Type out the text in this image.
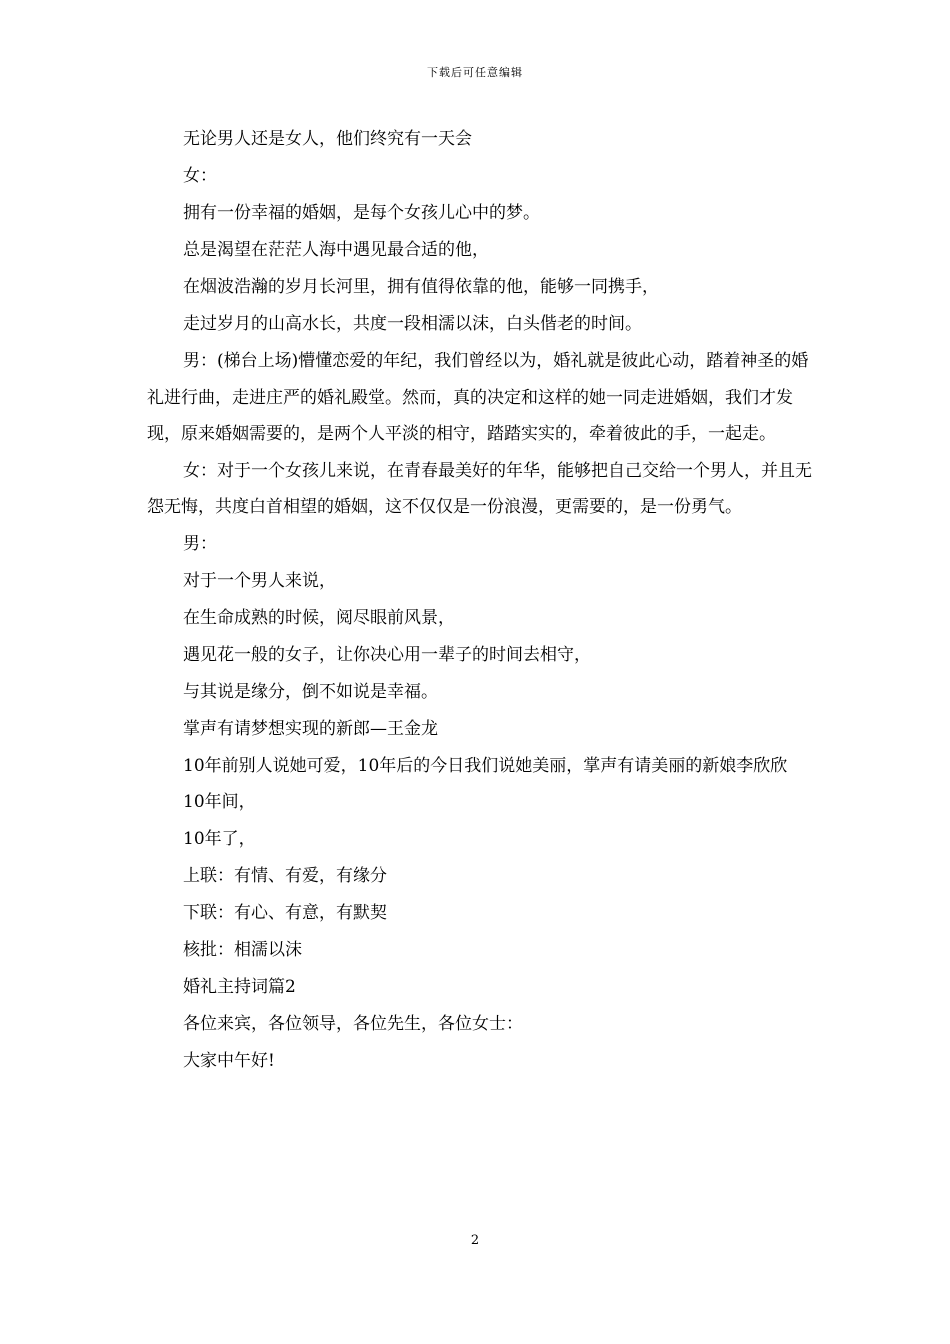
下载后可任意编辑

无论男人还是女人，他们终究有一天会

女：

拥有一份幸福的婚姻，是每个女孩儿心中的梦。

总是渴望在茫茫人海中遇见最合适的他，

在烟波浩瀚的岁月长河里，拥有值得依靠的他，能够一同携手，

走过岁月的山高水长，共度一段相濡以沫，白头偕老的时间。

男：(梯台上场)懵懂恋爱的年纪，我们曾经以为，婚礼就是彼此心动，踏着神圣的婚礼进行曲，走进庄严的婚礼殿堂。然而，真的决定和这样的她一同走进婚姻，我们才发现，原来婚姻需要的，是两个人平淡的相守，踏踏实实的，牵着彼此的手，一起走。

女：对于一个女孩儿来说，在青春最美好的年华，能够把自己交给一个男人，并且无怨无悔，共度白首相望的婚姻，这不仅仅是一份浪漫，更需要的，是一份勇气。

男：

对于一个男人来说，

在生命成熟的时候，阅尽眼前风景，

遇见花一般的女子，让你决心用一辈子的时间去相守，

与其说是缘分，倒不如说是幸福。

掌声有请梦想实现的新郎—王金龙

10年前别人说她可爱，10年后的今日我们说她美丽，掌声有请美丽的新娘李欣欣

10年间，

10年了，

上联：有情、有爱，有缘分

下联：有心、有意，有默契

核批：相濡以沫

婚礼主持词篇2

各位来宾，各位领导，各位先生，各位女士：

大家中午好!

2
